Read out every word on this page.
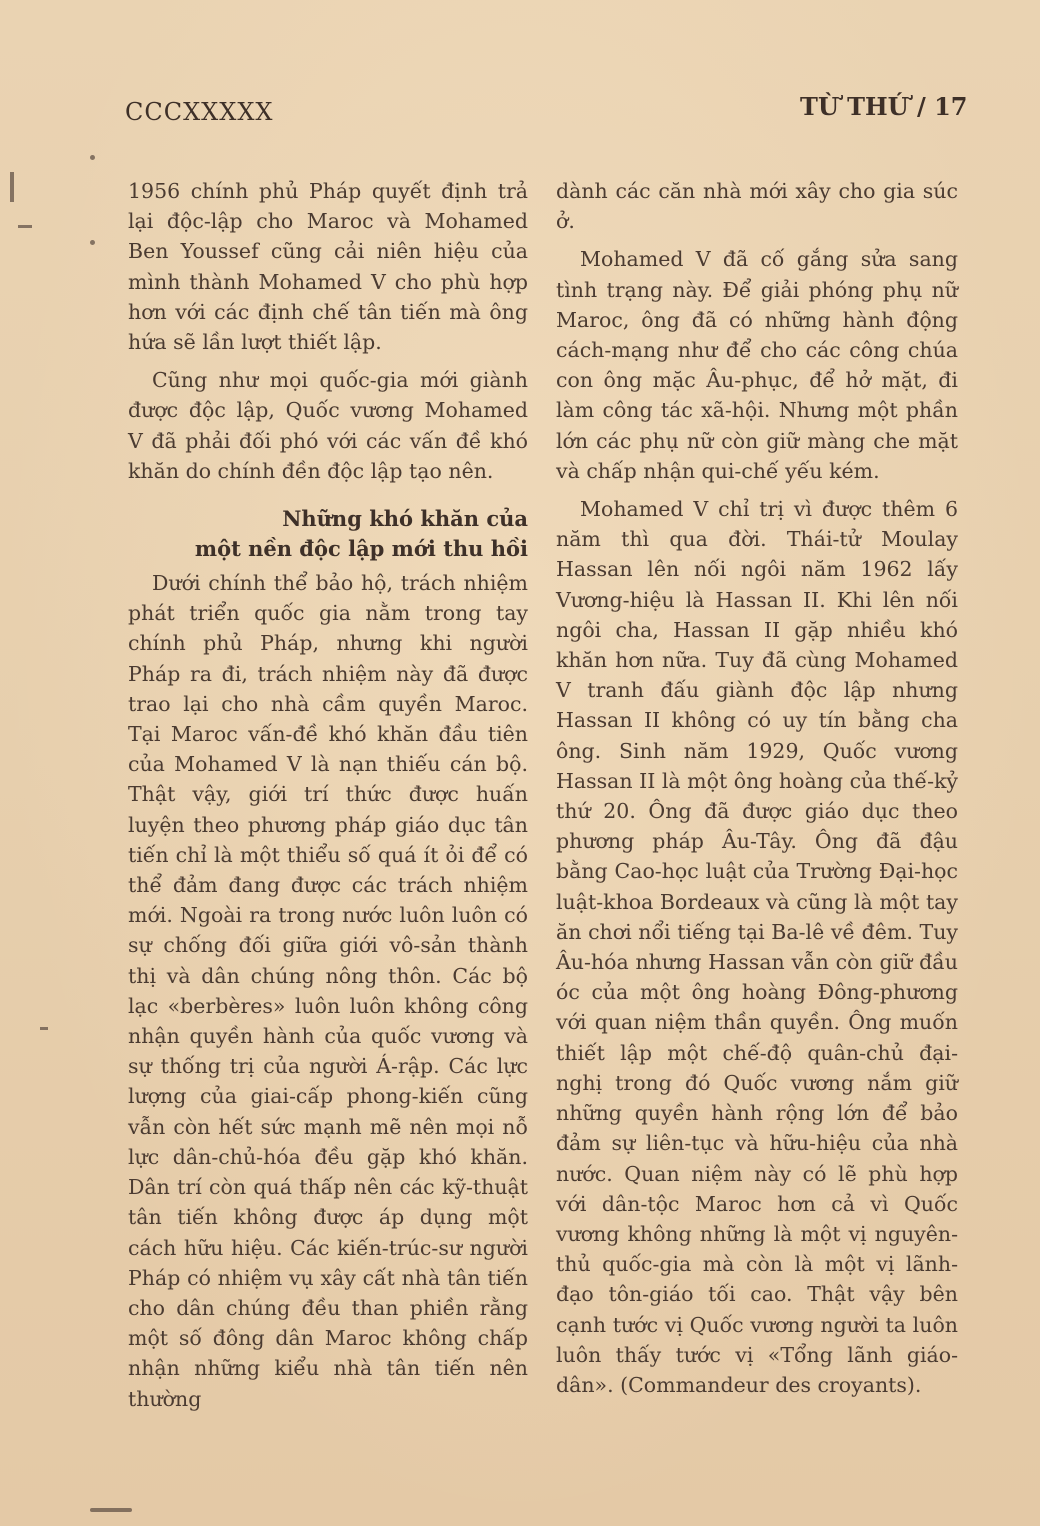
CCCXXXXX	TỪ THỨ / 17

1956 chính phủ Pháp quyết định trả lại độc-lập cho Maroc và Mohamed Ben Youssef cũng cải niên hiệu của mình thành Mohamed V cho phù hợp hơn với các định chế tân tiến mà ông hứa sẽ lần lượt thiết lập.

Cũng như mọi quốc-gia mới giành được độc lập, Quốc vương Mohamed V đã phải đối phó với các vấn đề khó khăn do chính đền độc lập tạo nên.

Những khó khăn của
một nền độc lập mới thu hồi

Dưới chính thể bảo hộ, trách nhiệm phát triển quốc gia nằm trong tay chính phủ Pháp, nhưng khi người Pháp ra đi, trách nhiệm này đã được trao lại cho nhà cầm quyền Maroc. Tại Maroc vấn-đề khó khăn đầu tiên của Mohamed V là nạn thiếu cán bộ. Thật vậy, giới trí thức được huấn luyện theo phương pháp giáo dục tân tiến chỉ là một thiểu số quá ít ỏi để có thể đảm đang được các trách nhiệm mới. Ngoài ra trong nước luôn luôn có sự chống đối giữa giới vô-sản thành thị và dân chúng nông thôn. Các bộ lạc «berbères» luôn luôn không công nhận quyền hành của quốc vương và sự thống trị của người Á-rập. Các lực lượng của giai-cấp phong-kiến cũng vẫn còn hết sức mạnh mẽ nên mọi nỗ lực dân-chủ-hóa đều gặp khó khăn. Dân trí còn quá thấp nên các kỹ-thuật tân tiến không được áp dụng một cách hữu hiệu. Các kiến-trúc-sư người Pháp có nhiệm vụ xây cất nhà tân tiến cho dân chúng đều than phiền rằng một số đông dân Maroc không chấp nhận những kiểu nhà tân tiến nên thường

dành các căn nhà mới xây cho gia súc ở.

Mohamed V đã cố gắng sửa sang tình trạng này. Để giải phóng phụ nữ Maroc, ông đã có những hành động cách-mạng như để cho các công chúa con ông mặc Âu-phục, để hở mặt, đi làm công tác xã-hội. Nhưng một phần lớn các phụ nữ còn giữ màng che mặt và chấp nhận qui-chế yếu kém.

Mohamed V chỉ trị vì được thêm 6 năm thì qua đời. Thái-tử Moulay Hassan lên nối ngôi năm 1962 lấy Vương-hiệu là Hassan II. Khi lên nối ngôi cha, Hassan II gặp nhiều khó khăn hơn nữa. Tuy đã cùng Mohamed V tranh đấu giành độc lập nhưng Hassan II không có uy tín bằng cha ông. Sinh năm 1929, Quốc vương Hassan II là một ông hoàng của thế-kỷ thứ 20. Ông đã được giáo dục theo phương pháp Âu-Tây. Ông đã đậu bằng Cao-học luật của Trường Đại-học luật-khoa Bordeaux và cũng là một tay ăn chơi nổi tiếng tại Ba-lê về đêm. Tuy Âu-hóa nhưng Hassan vẫn còn giữ đầu óc của một ông hoàng Đông-phương với quan niệm thần quyền. Ông muốn thiết lập một chế-độ quân-chủ đại-nghị trong đó Quốc vương nắm giữ những quyền hành rộng lớn để bảo đảm sự liên-tục và hữu-hiệu của nhà nước. Quan niệm này có lẽ phù hợp với dân-tộc Maroc hơn cả vì Quốc vương không những là một vị nguyên-thủ quốc-gia mà còn là một vị lãnh-đạo tôn-giáo tối cao. Thật vậy bên cạnh tước vị Quốc vương người ta luôn luôn thấy tước vị «Tổng lãnh giáo-dân». (Commandeur des croyants).
